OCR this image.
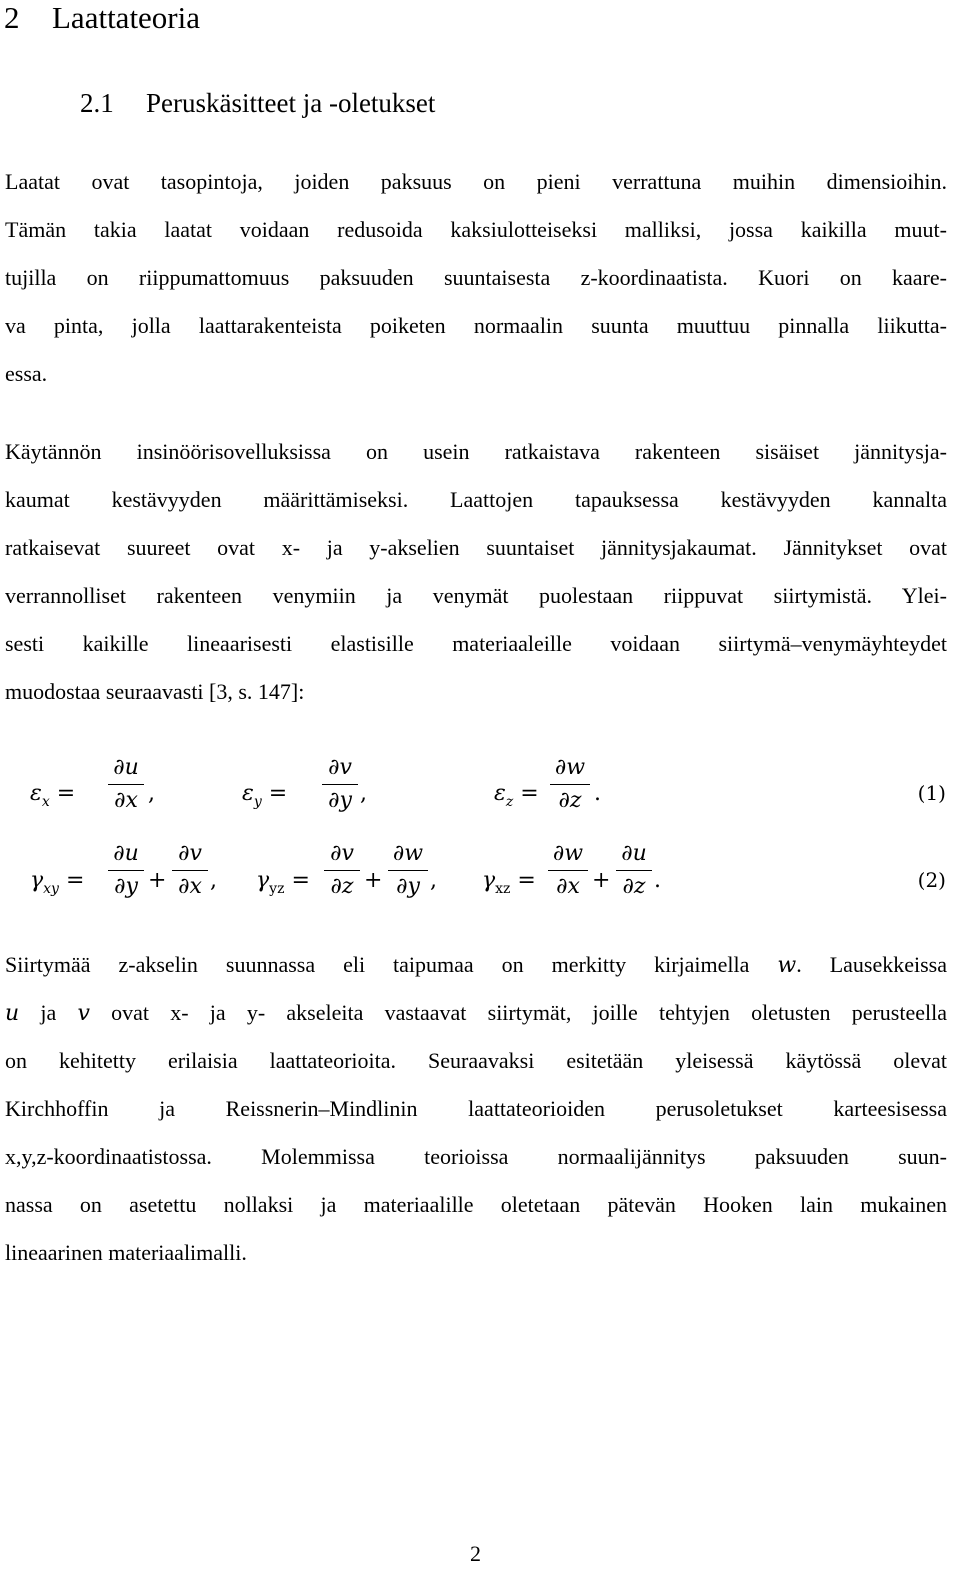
2 Laattateoria
2.1 Peruskäsitteet ja -oletukset
Laatat ovat tasopintoja, joiden paksuus on pieni verrattuna muihin dimensioihin.
Tämän takia laatat voidaan redusoida kaksiulotteiseksi malliksi, jossa kaikilla muut-
tujilla on riippumattomuus paksuuden suuntaisesta z-koordinaatista. Kuori on kaare-
va pinta, jolla laattarakenteista poiketen normaalin suunta muuttuu pinnalla liikutta-
essa.
Käytännön insinöörisovelluksissa on usein ratkaistava rakenteen sisäiset jännitysja-
kaumat kestävyyden määrittämiseksi. Laattojen tapauksessa kestävyyden kannalta
ratkaisevat suureet ovat x- ja y-akselien suuntaiset jännitysjakaumat. Jännitykset ovat
verrannolliset rakenteen venymiin ja venymät puolestaan riippuvat siirtymistä. Ylei-
sesti kaikille lineaarisesti elastisille materiaaleille voidaan siirtymä–venymäyhteydet
muodostaa seuraavasti [3, s. 147]:
$\varepsilon_x$ =
∂u
∂x ,	$\varepsilon_y$ =
∂v
∂y ,	$\varepsilon_z$ =
∂w
∂z .	(1)
$\gamma_{xy}$ =
∂u
∂y +
∂v
∂x , $\gamma_{yz}$ =
∂v
∂z +
∂w
∂y , $\gamma_{xz}$ =
∂w
∂x +
∂u
∂z .	(2)
Siirtymää z-akselin suunnassa eli taipumaa on merkitty kirjaimella w. Lausekkeissa
u ja v ovat x- ja y- akseleita vastaavat siirtymät, joille tehtyjen oletusten perusteella
on kehitetty erilaisia laattateorioita. Seuraavaksi esitetään yleisessä käytössä olevat
Kirchhoffin ja Reissnerin–Mindlinin laattateorioiden perusoletukset karteesisessa
x,y,z-koordinaatistossa. Molemmissa teorioissa normaalijännitys paksuuden suun-
nassa on asetettu nollaksi ja materiaalille oletetaan pätevän Hooken lain mukainen
lineaarinen materiaalimalli.
2
